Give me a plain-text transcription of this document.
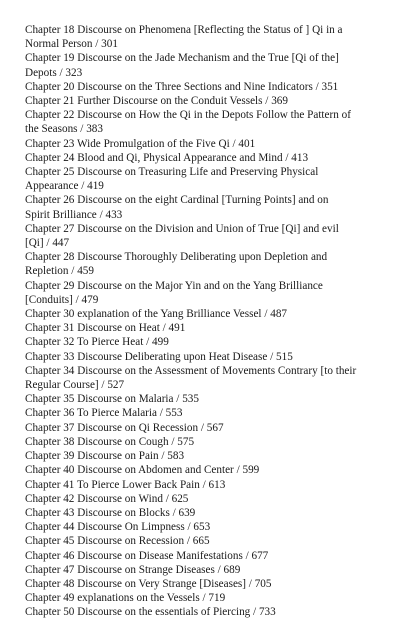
Chapter 18 Discourse on Phenomena [Reflecting the Status of ] Qi in a
Normal Person / 301
Chapter 19 Discourse on the Jade Mechanism and the True [Qi of the]
Depots / 323
Chapter 20 Discourse on the Three Sections and Nine Indicators / 351
Chapter 21 Further Discourse on the Conduit Vessels / 369
Chapter 22 Discourse on How the Qi in the Depots Follow the Pattern of
the Seasons / 383
Chapter 23 Wide Promulgation of the Five Qi / 401
Chapter 24 Blood and Qi, Physical Appearance and Mind / 413
Chapter 25 Discourse on Treasuring Life and Preserving Physical
Appearance / 419
Chapter 26 Discourse on the eight Cardinal [Turning Points] and on
Spirit Brilliance / 433
Chapter 27 Discourse on the Division and Union of True [Qi] and evil
[Qi] / 447
Chapter 28 Discourse Thoroughly Deliberating upon Depletion and
Repletion / 459
Chapter 29 Discourse on the Major Yin and on the Yang Brilliance
[Conduits] / 479
Chapter 30 explanation of the Yang Brilliance Vessel / 487
Chapter 31 Discourse on Heat / 491
Chapter 32 To Pierce Heat / 499
Chapter 33 Discourse Deliberating upon Heat Disease / 515
Chapter 34 Discourse on the Assessment of Movements Contrary [to their
Regular Course] / 527
Chapter 35 Discourse on Malaria / 535
Chapter 36 To Pierce Malaria / 553
Chapter 37 Discourse on Qi Recession / 567
Chapter 38 Discourse on Cough / 575
Chapter 39 Discourse on Pain / 583
Chapter 40 Discourse on Abdomen and Center / 599
Chapter 41 To Pierce Lower Back Pain / 613
Chapter 42 Discourse on Wind / 625
Chapter 43 Discourse on Blocks / 639
Chapter 44 Discourse On Limpness / 653
Chapter 45 Discourse on Recession / 665
Chapter 46 Discourse on Disease Manifestations / 677
Chapter 47 Discourse on Strange Diseases / 689
Chapter 48 Discourse on Very Strange [Diseases] / 705
Chapter 49 explanations on the Vessels / 719
Chapter 50 Discourse on the essentials of Piercing / 733
